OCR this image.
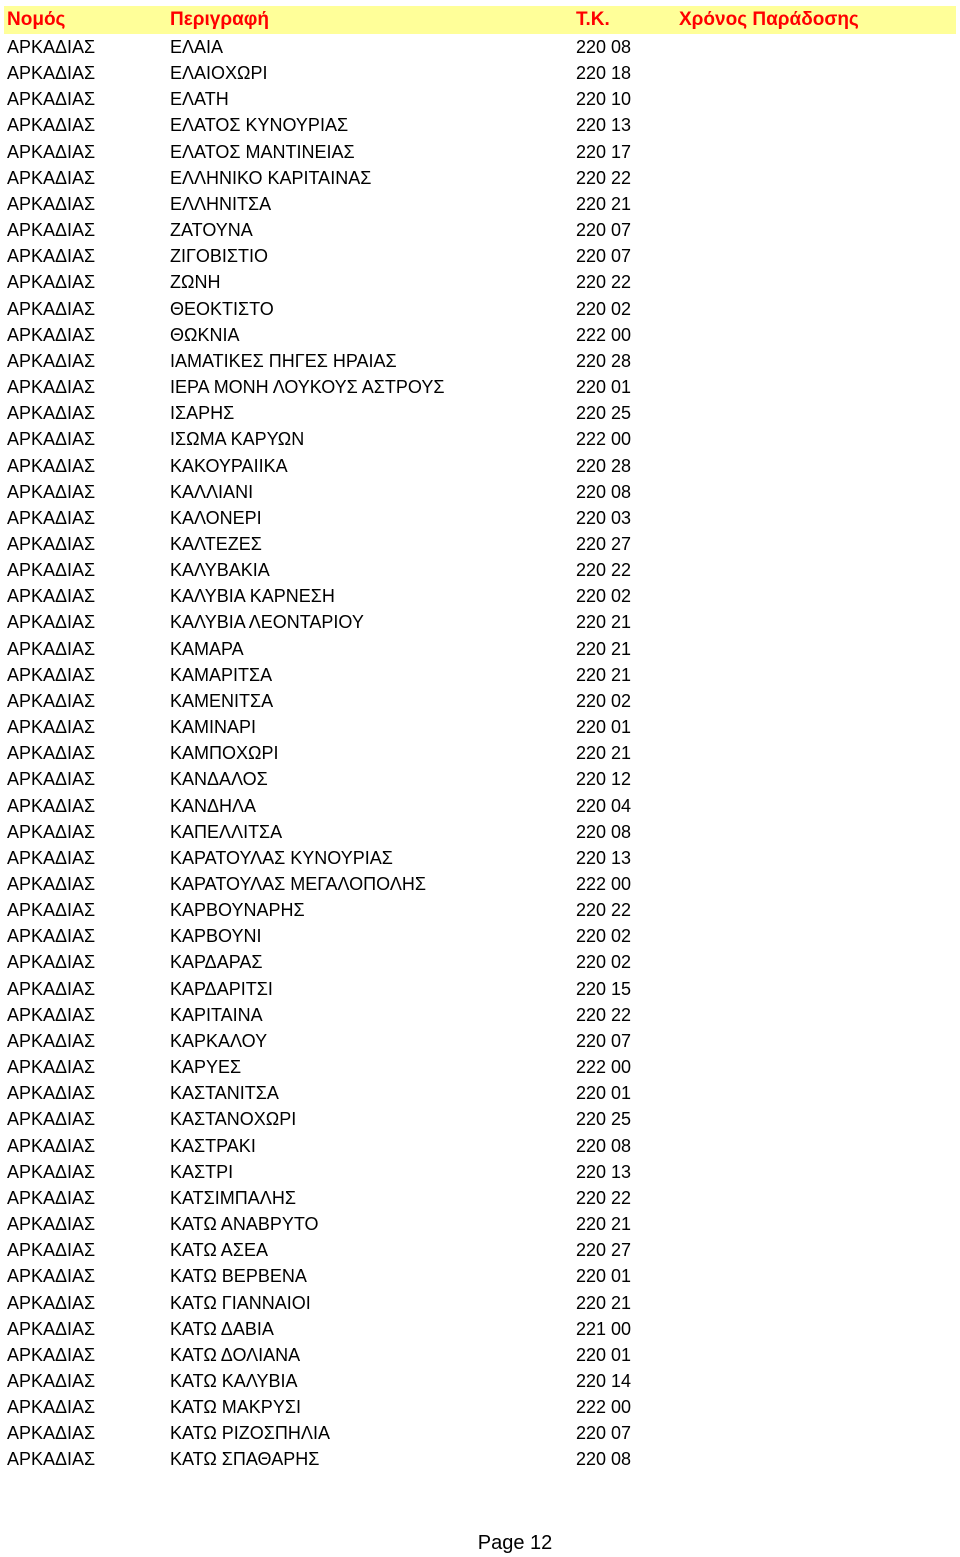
Νομός	Περιγραφή	Τ.Κ.	Χρόνος Παράδοσης
ΑΡΚΑΔΙΑΣ	ΕΛΑΙΑ	220 08
ΑΡΚΑΔΙΑΣ	ΕΛΑΙΟΧΩΡΙ	220 18
ΑΡΚΑΔΙΑΣ	ΕΛΑΤΗ	220 10
ΑΡΚΑΔΙΑΣ	ΕΛΑΤΟΣ ΚΥΝΟΥΡΙΑΣ	220 13
ΑΡΚΑΔΙΑΣ	ΕΛΑΤΟΣ ΜΑΝΤΙΝΕΙΑΣ	220 17
ΑΡΚΑΔΙΑΣ	ΕΛΛΗΝΙΚΟ ΚΑΡΙΤΑΙΝΑΣ	220 22
ΑΡΚΑΔΙΑΣ	ΕΛΛΗΝΙΤΣΑ	220 21
ΑΡΚΑΔΙΑΣ	ΖΑΤΟΥΝΑ	220 07
ΑΡΚΑΔΙΑΣ	ΖΙΓΟΒΙΣΤΙΟ	220 07
ΑΡΚΑΔΙΑΣ	ΖΩΝΗ	220 22
ΑΡΚΑΔΙΑΣ	ΘΕΟΚΤΙΣΤΟ	220 02
ΑΡΚΑΔΙΑΣ	ΘΩΚΝΙΑ	222 00
ΑΡΚΑΔΙΑΣ	ΙΑΜΑΤΙΚΕΣ ΠΗΓΕΣ ΗΡΑΙΑΣ	220 28
ΑΡΚΑΔΙΑΣ	ΙΕΡΑ ΜΟΝΗ ΛΟΥΚΟΥΣ ΑΣΤΡΟΥΣ	220 01
ΑΡΚΑΔΙΑΣ	ΙΣΑΡΗΣ	220 25
ΑΡΚΑΔΙΑΣ	ΙΣΩΜΑ ΚΑΡΥΩΝ	222 00
ΑΡΚΑΔΙΑΣ	ΚΑΚΟΥΡΑΙΙΚΑ	220 28
ΑΡΚΑΔΙΑΣ	ΚΑΛΛΙΑΝΙ	220 08
ΑΡΚΑΔΙΑΣ	ΚΑΛΟΝΕΡΙ	220 03
ΑΡΚΑΔΙΑΣ	ΚΑΛΤΕΖΕΣ	220 27
ΑΡΚΑΔΙΑΣ	ΚΑΛΥΒΑΚΙΑ	220 22
ΑΡΚΑΔΙΑΣ	ΚΑΛΥΒΙΑ ΚΑΡΝΕΣΗ	220 02
ΑΡΚΑΔΙΑΣ	ΚΑΛΥΒΙΑ ΛΕΟΝΤΑΡΙΟΥ	220 21
ΑΡΚΑΔΙΑΣ	ΚΑΜΑΡΑ	220 21
ΑΡΚΑΔΙΑΣ	ΚΑΜΑΡΙΤΣΑ	220 21
ΑΡΚΑΔΙΑΣ	ΚΑΜΕΝΙΤΣΑ	220 02
ΑΡΚΑΔΙΑΣ	ΚΑΜΙΝΑΡΙ	220 01
ΑΡΚΑΔΙΑΣ	ΚΑΜΠΟΧΩΡΙ	220 21
ΑΡΚΑΔΙΑΣ	ΚΑΝΔΑΛΟΣ	220 12
ΑΡΚΑΔΙΑΣ	ΚΑΝΔΗΛΑ	220 04
ΑΡΚΑΔΙΑΣ	ΚΑΠΕΛΛΙΤΣΑ	220 08
ΑΡΚΑΔΙΑΣ	ΚΑΡΑΤΟΥΛΑΣ ΚΥΝΟΥΡΙΑΣ	220 13
ΑΡΚΑΔΙΑΣ	ΚΑΡΑΤΟΥΛΑΣ ΜΕΓΑΛΟΠΟΛΗΣ	222 00
ΑΡΚΑΔΙΑΣ	ΚΑΡΒΟΥΝΑΡΗΣ	220 22
ΑΡΚΑΔΙΑΣ	ΚΑΡΒΟΥΝΙ	220 02
ΑΡΚΑΔΙΑΣ	ΚΑΡΔΑΡΑΣ	220 02
ΑΡΚΑΔΙΑΣ	ΚΑΡΔΑΡΙΤΣΙ	220 15
ΑΡΚΑΔΙΑΣ	ΚΑΡΙΤΑΙΝΑ	220 22
ΑΡΚΑΔΙΑΣ	ΚΑΡΚΑΛΟΥ	220 07
ΑΡΚΑΔΙΑΣ	ΚΑΡΥΕΣ	222 00
ΑΡΚΑΔΙΑΣ	ΚΑΣΤΑΝΙΤΣΑ	220 01
ΑΡΚΑΔΙΑΣ	ΚΑΣΤΑΝΟΧΩΡΙ	220 25
ΑΡΚΑΔΙΑΣ	ΚΑΣΤΡΑΚΙ	220 08
ΑΡΚΑΔΙΑΣ	ΚΑΣΤΡΙ	220 13
ΑΡΚΑΔΙΑΣ	ΚΑΤΣΙΜΠΑΛΗΣ	220 22
ΑΡΚΑΔΙΑΣ	ΚΑΤΩ ΑΝΑΒΡΥΤΟ	220 21
ΑΡΚΑΔΙΑΣ	ΚΑΤΩ ΑΣΕΑ	220 27
ΑΡΚΑΔΙΑΣ	ΚΑΤΩ ΒΕΡΒΕΝΑ	220 01
ΑΡΚΑΔΙΑΣ	ΚΑΤΩ ΓΙΑΝΝΑΙΟΙ	220 21
ΑΡΚΑΔΙΑΣ	ΚΑΤΩ ΔΑΒΙΑ	221 00
ΑΡΚΑΔΙΑΣ	ΚΑΤΩ ΔΟΛΙΑΝΑ	220 01
ΑΡΚΑΔΙΑΣ	ΚΑΤΩ ΚΑΛΥΒΙΑ	220 14
ΑΡΚΑΔΙΑΣ	ΚΑΤΩ ΜΑΚΡΥΣΙ	222 00
ΑΡΚΑΔΙΑΣ	ΚΑΤΩ ΡΙΖΟΣΠΗΛΙΑ	220 07
ΑΡΚΑΔΙΑΣ	ΚΑΤΩ ΣΠΑΘΑΡΗΣ	220 08
Page 12
